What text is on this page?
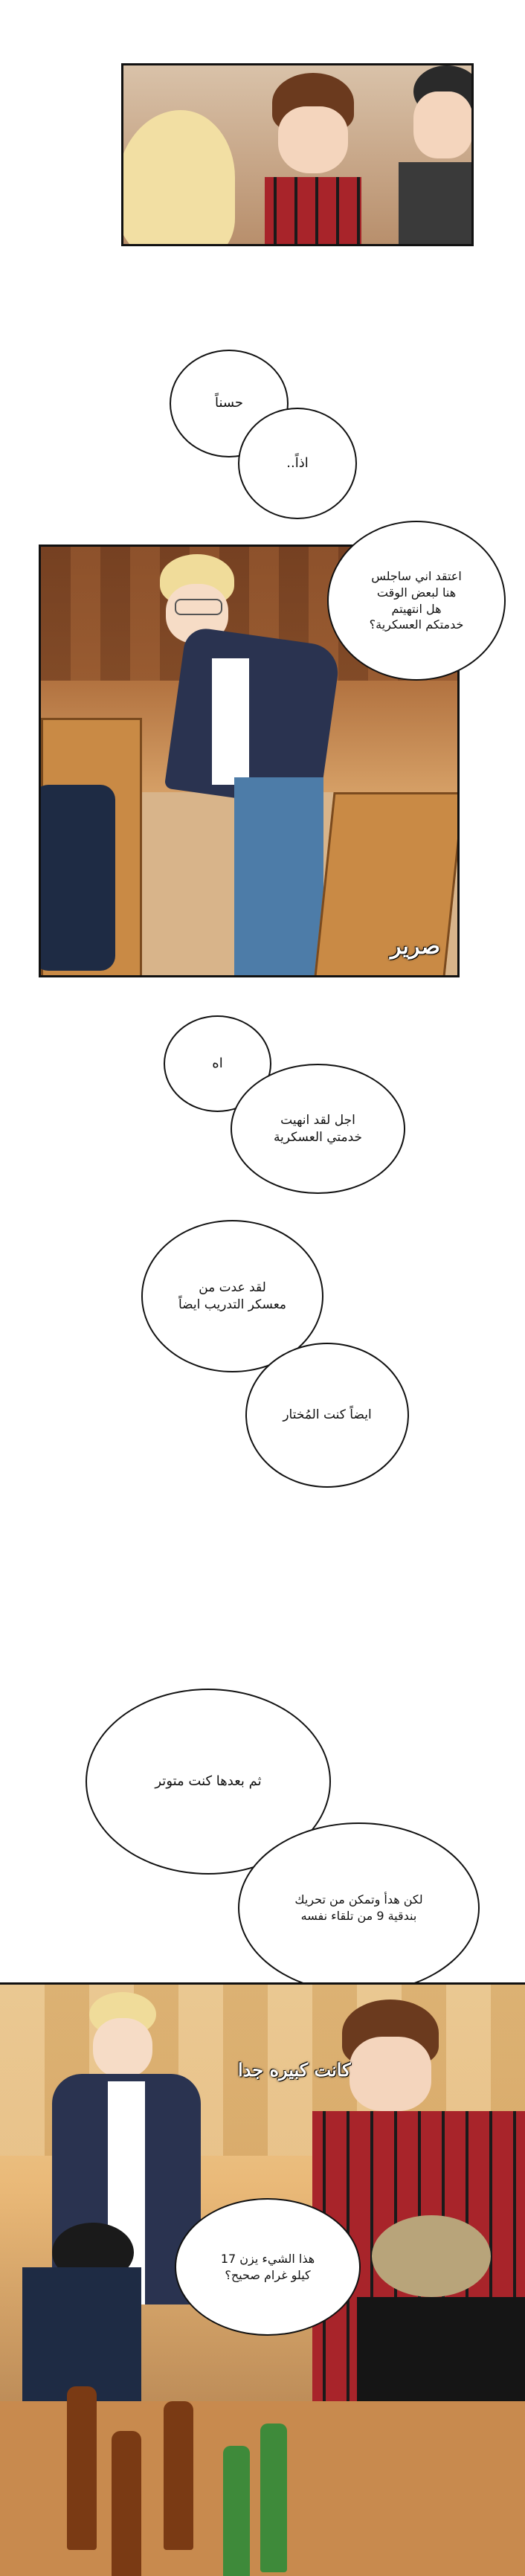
حسناً
اذاً..
صرير
اعتقد اني ساجلس
هنا لبعض الوقت
هل انتهيتم
خدمتكم العسكرية؟
اه
اجل لقد انهيت
خدمتي العسكرية
لقد عدت من
معسكر التدريب ايضاً
ايضاً كنت المُختار
ثم بعدها كنت متوتر
لكن هدأ وتمكن من تحريك
بندقية 9 من تلقاء نفسه
كانت كبيره جدا
هذا الشيء يزن 17
كيلو غرام صحيح؟
